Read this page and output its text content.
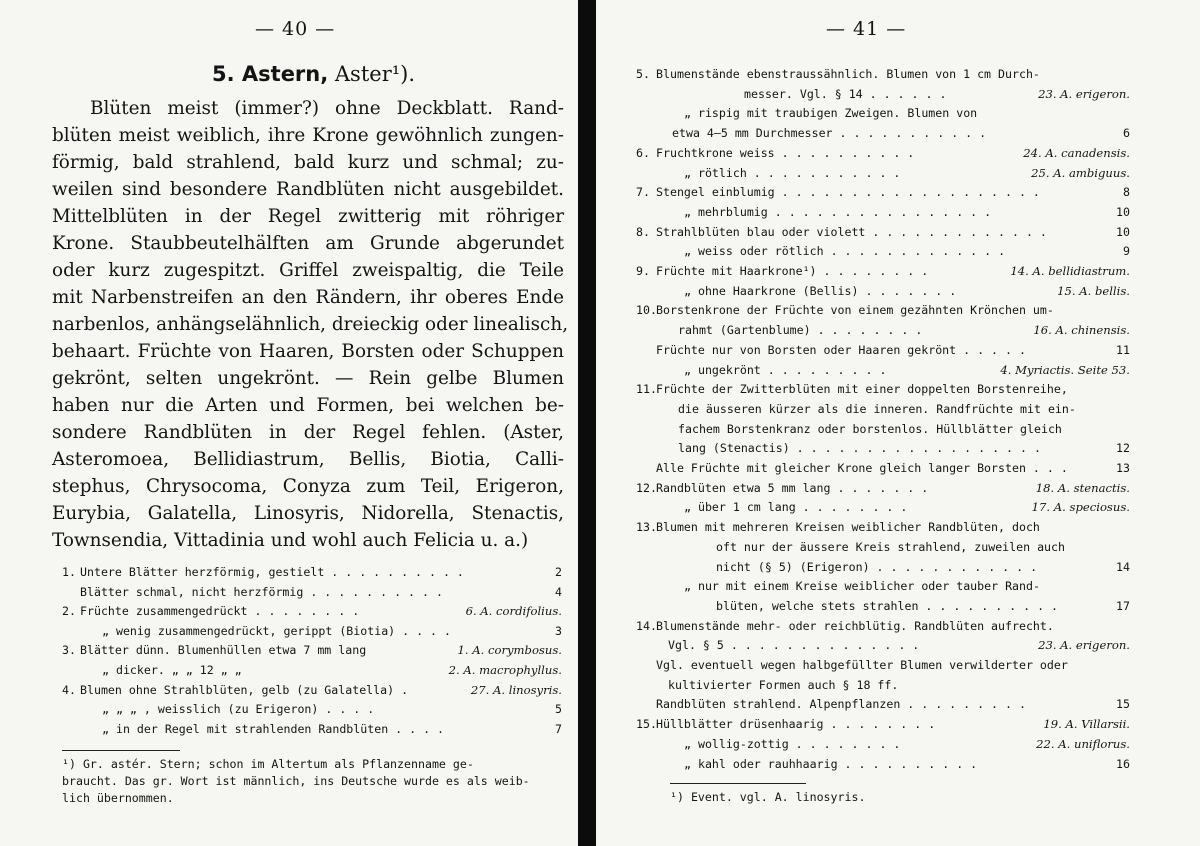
— 40 —
5. Astern, Aster¹).
Blüten meist (immer?) ohne Deckblatt. Rand-
blüten meist weiblich, ihre Krone gewöhnlich zungen-
förmig, bald strahlend, bald kurz und schmal; zu-
weilen sind besondere Randblüten nicht ausgebildet.
Mittelblüten in der Regel zwitterig mit röhriger
Krone. Staubbeutelhälften am Grunde abgerundet
oder kurz zugespitzt. Griffel zweispaltig, die Teile
mit Narbenstreifen an den Rändern, ihr oberes Ende
narbenlos, anhängselähnlich, dreieckig oder linealisch,
behaart. Früchte von Haaren, Borsten oder Schuppen
gekrönt, selten ungekrönt. — Rein gelbe Blumen
haben nur die Arten und Formen, bei welchen be-
sondere Randblüten in der Regel fehlen. (Aster,
Asteromoea, Bellidiastrum, Bellis, Biotia, Calli-
stephus, Chrysocoma, Conyza zum Teil, Erigeron,
Eurybia, Galatella, Linosyris, Nidorella, Stenactis,
Townsendia, Vittadinia und wohl auch Felicia u. a.)
1. Untere Blätter herzförmig, gestielt . . . . . . . . . .	2
Blätter schmal, nicht herzförmig . . . . . . . . . .	4
2. Früchte zusammengedrückt . . . . . . . .	6. A. cordifolius.
„ wenig zusammengedrückt, gerippt (Biotia) . . . .	3
3. Blätter dünn. Blumenhüllen etwa 7 mm lang	1. A. corymbosus.
„ dicker. „ „ 12 „ „	2. A. macrophyllus.
4. Blumen ohne Strahlblüten, gelb (zu Galatella) .	27. A. linosyris.
„ „ „ , weisslich (zu Erigeron) . . . .	5
„ in der Regel mit strahlenden Randblüten . . . .	7
¹) Gr. astér. Stern; schon im Altertum als Pflanzenname ge-
braucht. Das gr. Wort ist männlich, ins Deutsche wurde es als weib-
lich übernommen.
— 41 —
5. Blumenstände ebenstraussähnlich. Blumen von 1 cm Durch-
messer. Vgl. § 14 . . . . . .	23. A. erigeron.
„ rispig mit traubigen Zweigen. Blumen von
etwa 4—5 mm Durchmesser . . . . . . . . . . .	6
6. Fruchtkrone weiss . . . . . . . . . .	24. A. canadensis.
„ rötlich . . . . . . . . . . .	25. A. ambiguus.
7. Stengel einblumig . . . . . . . . . . . . . . . . . . .	8
„ mehrblumig . . . . . . . . . . . . . . . .	10
8. Strahlblüten blau oder violett . . . . . . . . . . . . .	10
„ weiss oder rötlich . . . . . . . . . . . . .	9
9. Früchte mit Haarkrone¹) . . . . . . . .	14. A. bellidiastrum.
„ ohne Haarkrone (Bellis) . . . . . . .	15. A. bellis.
10. Borstenkrone der Früchte von einem gezähnten Krönchen um-
rahmt (Gartenblume) . . . . . . . .	16. A. chinensis.
Früchte nur von Borsten oder Haaren gekrönt . . . . .	11
„ ungekrönt . . . . . . . . .	4. Myriactis. Seite 53.
11. Früchte der Zwitterblüten mit einer doppelten Borstenreihe,
die äusseren kürzer als die inneren. Randfrüchte mit ein-
fachem Borstenkranz oder borstenlos. Hüllblätter gleich
lang (Stenactis) . . . . . . . . . . . . . . . . . .	12
Alle Früchte mit gleicher Krone gleich langer Borsten . . .	13
12. Randblüten etwa 5 mm lang . . . . . . .	18. A. stenactis.
„ über 1 cm lang . . . . . . . .	17. A. speciosus.
13. Blumen mit mehreren Kreisen weiblicher Randblüten, doch
oft nur der äussere Kreis strahlend, zuweilen auch
nicht (§ 5) (Erigeron) . . . . . . . . . . . .	14
„ nur mit einem Kreise weiblicher oder tauber Rand-
blüten, welche stets strahlen . . . . . . . . . .	17
14. Blumenstände mehr- oder reichblütig. Randblüten aufrecht.
Vgl. § 5 . . . . . . . . . . . . . .	23. A. erigeron.
Vgl. eventuell wegen halbgefüllter Blumen verwilderter oder
kultivierter Formen auch § 18 ff.
Randblüten strahlend. Alpenpflanzen . . . . . . . . .	15
15. Hüllblätter drüsenhaarig . . . . . . . .	19. A. Villarsii.
„ wollig-zottig . . . . . . . .	22. A. uniflorus.
„ kahl oder rauhhaarig . . . . . . . . . .	16
¹) Event. vgl. A. linosyris.
